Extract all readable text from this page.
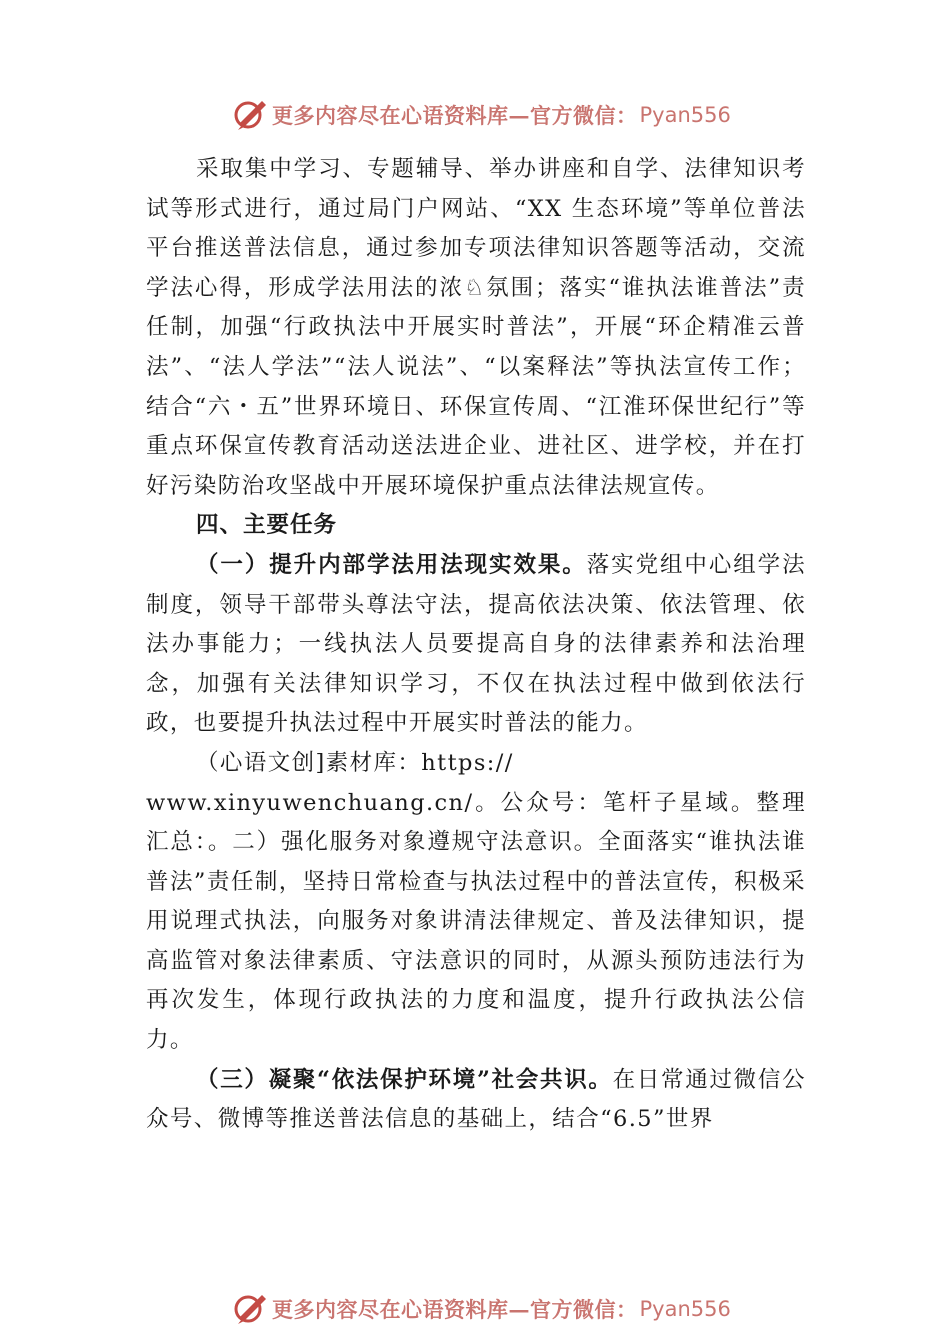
更多内容尽在心语资料库—官方微信： Pyan556

采取集中学习、专题辅导、举办讲座和自学、法律知识考试等形式进行，通过局门户网站、“XX 生态环境”等单位普法平台推送普法信息，通过参加专项法律知识答题等活动，交流学法心得，形成学法用法的浓♘氛围；落实“谁执法谁普法”责任制，加强“行政执法中开展实时普法”，开展“环企精准云普法”、“法人学法”“法人说法”、“以案释法”等执法宣传工作；结合“六・五”世界环境日、环保宣传周、“江淮环保世纪行”等重点环保宣传教育活动送法进企业、进社区、进学校，并在打好污染防治攻坚战中开展环境保护重点法律法规宣传。

四、主要任务

（一）提升内部学法用法现实效果。落实党组中心组学法制度，领导干部带头尊法守法，提高依法决策、依法管理、依法办事能力；一线执法人员要提高自身的法律素养和法治理念，加强有关法律知识学习，不仅在执法过程中做到依法行政，也要提升执法过程中开展实时普法的能力。

（心语文创]素材库：https://

www.xinyuwenchuang.cn/。公众号：笔杆子星域。整理汇总：。二）强化服务对象遵规守法意识。全面落实“谁执法谁普法”责任制，坚持日常检查与执法过程中的普法宣传，积极采用说理式执法，向服务对象讲清法律规定、普及法律知识，提高监管对象法律素质、守法意识的同时，从源头预防违法行为再次发生，体现行政执法的力度和温度，提升行政执法公信力。

（三）凝聚“依法保护环境”社会共识。在日常通过微信公众号、微博等推送普法信息的基础上，结合“6.5”世界

更多内容尽在心语资料库—官方微信： Pyan556
